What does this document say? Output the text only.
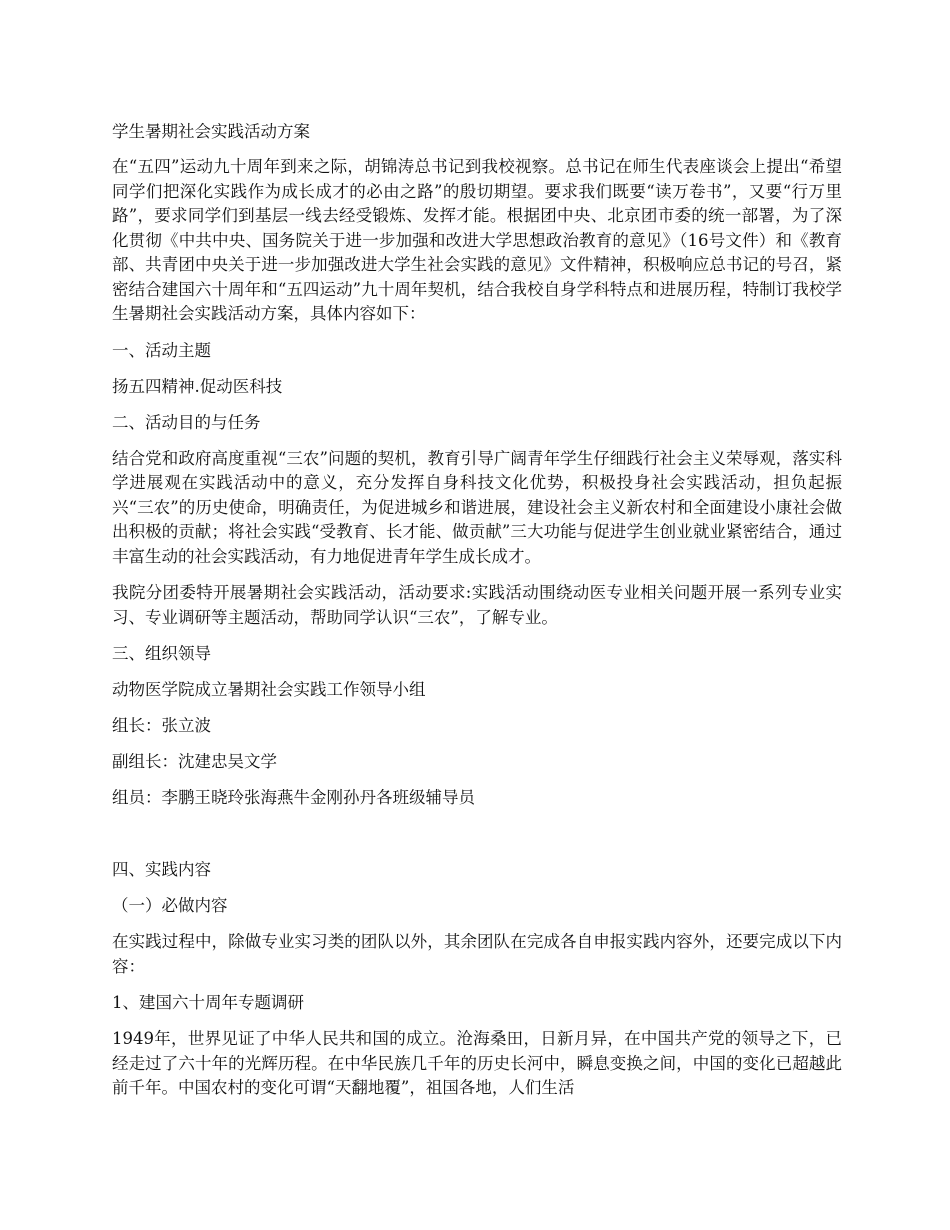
学生暑期社会实践活动方案
在“五四”运动九十周年到来之际，胡锦涛总书记到我校视察。总书记在师生代表座谈会上提出“希望同学们把深化实践作为成长成才的必由之路”的殷切期望。要求我们既要“读万卷书”，又要“行万里路”，要求同学们到基层一线去经受锻炼、发挥才能。根据团中央、北京团市委的统一部署，为了深化贯彻《中共中央、国务院关于进一步加强和改进大学思想政治教育的意见》（16号文件）和《教育部、共青团中央关于进一步加强改进大学生社会实践的意见》文件精神，积极响应总书记的号召，紧密结合建国六十周年和“五四运动”九十周年契机，结合我校自身学科特点和进展历程，特制订我校学生暑期社会实践活动方案，具体内容如下：
一、活动主题
扬五四精神.促动医科技
二、活动目的与任务
结合党和政府高度重视“三农”问题的契机，教育引导广阔青年学生仔细践行社会主义荣辱观，落实科学进展观在实践活动中的意义，充分发挥自身科技文化优势，积极投身社会实践活动，担负起振兴“三农”的历史使命，明确责任，为促进城乡和谐进展，建设社会主义新农村和全面建设小康社会做出积极的贡献；将社会实践“受教育、长才能、做贡献”三大功能与促进学生创业就业紧密结合，通过丰富生动的社会实践活动，有力地促进青年学生成长成才。
我院分团委特开展暑期社会实践活动，活动要求:实践活动围绕动医专业相关问题开展一系列专业实习、专业调研等主题活动，帮助同学认识“三农”，了解专业。
三、组织领导
动物医学院成立暑期社会实践工作领导小组
组长：张立波
副组长：沈建忠吴文学
组员：李鹏王晓玲张海燕牛金刚孙丹各班级辅导员
四、实践内容
（一）必做内容
在实践过程中，除做专业实习类的团队以外，其余团队在完成各自申报实践内容外，还要完成以下内容：
1、建国六十周年专题调研
1949年，世界见证了中华人民共和国的成立。沧海桑田，日新月异，在中国共产党的领导之下，已经走过了六十年的光辉历程。在中华民族几千年的历史长河中，瞬息变换之间，中国的变化已超越此前千年。中国农村的变化可谓“天翻地覆”，祖国各地，人们生活
